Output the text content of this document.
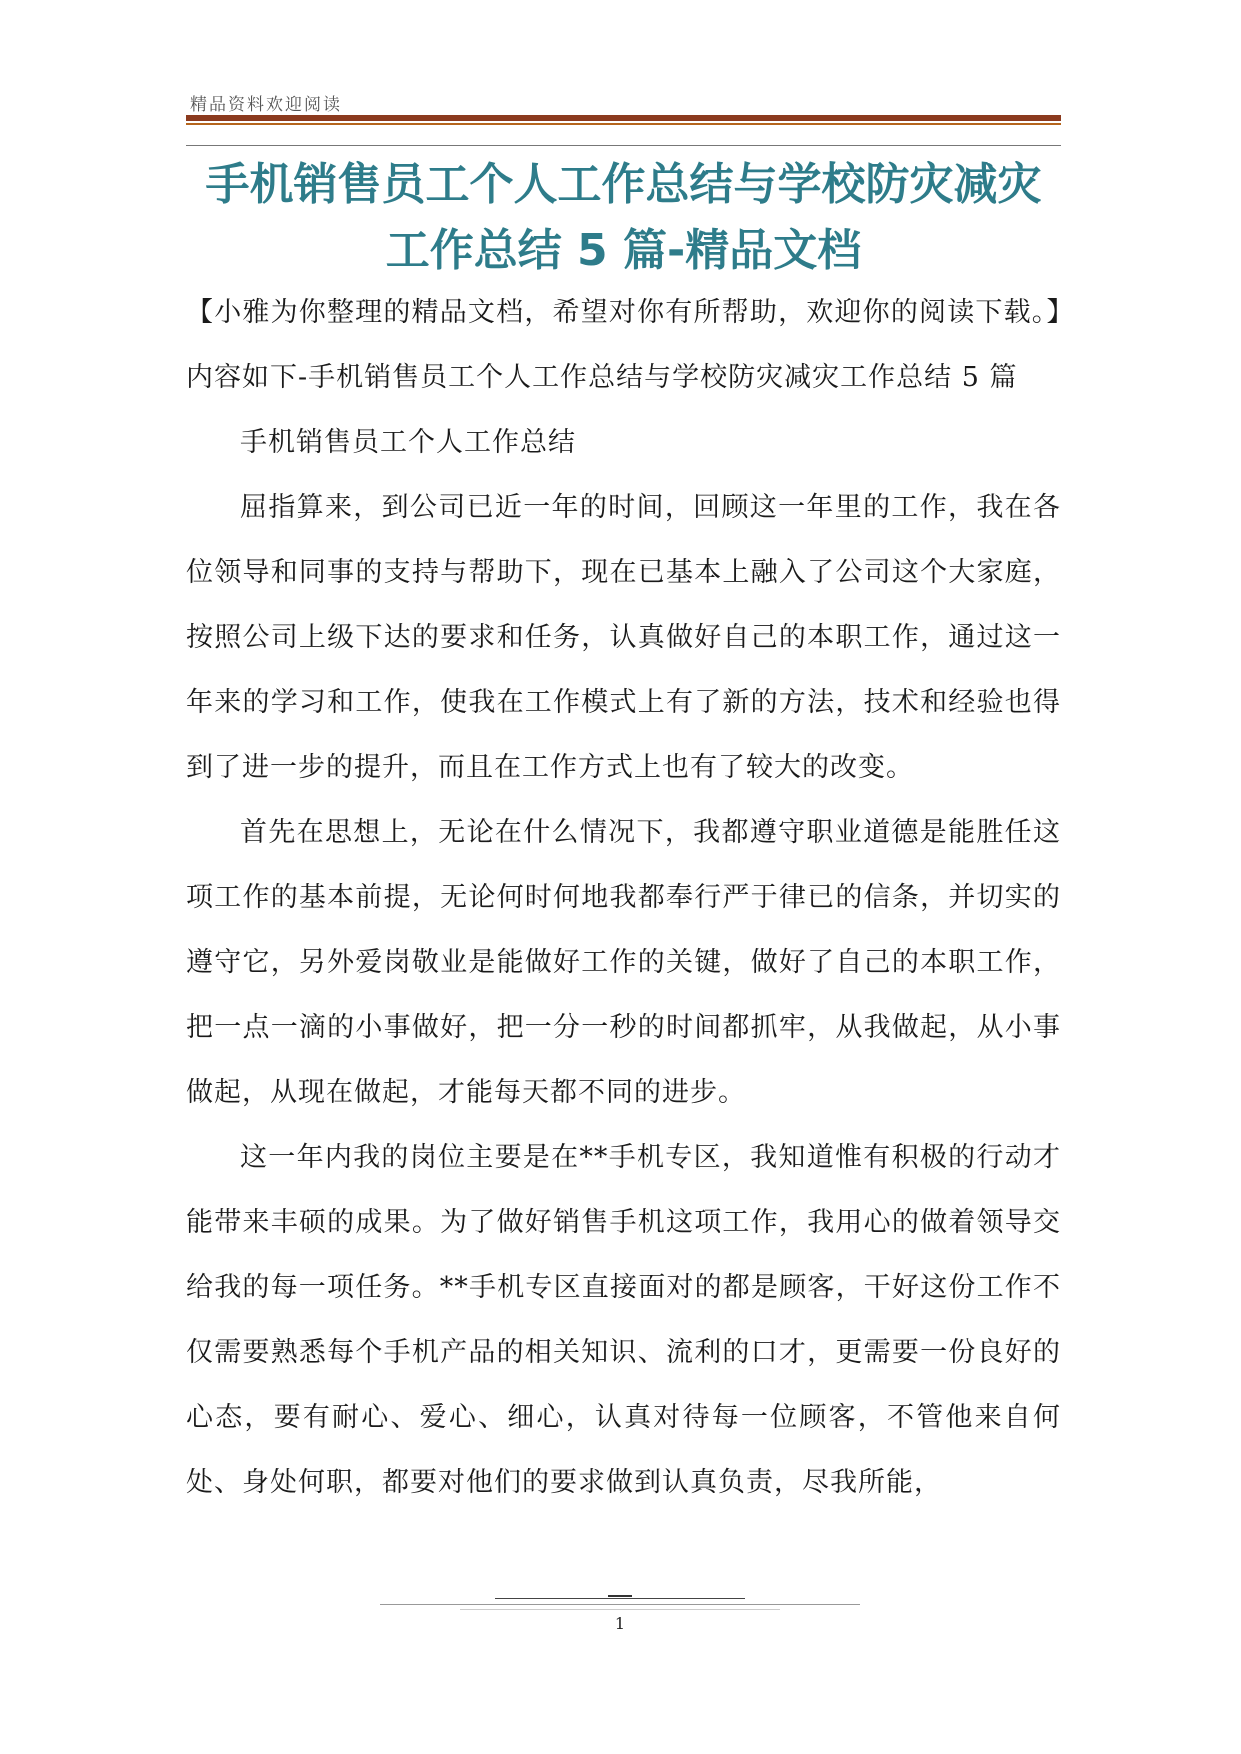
精品资料欢迎阅读
手机销售员工个人工作总结与学校防灾减灾工作总结 5 篇-精品文档

【小雅为你整理的精品文档，希望对你有所帮助，欢迎你的阅读下载。】内容如下-手机销售员工个人工作总结与学校防灾减灾工作总结 5 篇

手机销售员工个人工作总结

屈指算来，到公司已近一年的时间，回顾这一年里的工作，我在各位领导和同事的支持与帮助下，现在已基本上融入了公司这个大家庭，按照公司上级下达的要求和任务，认真做好自己的本职工作，通过这一年来的学习和工作，使我在工作模式上有了新的方法，技术和经验也得到了进一步的提升，而且在工作方式上也有了较大的改变。

首先在思想上，无论在什么情况下，我都遵守职业道德是能胜任这项工作的基本前提，无论何时何地我都奉行严于律已的信条，并切实的遵守它，另外爱岗敬业是能做好工作的关键，做好了自己的本职工作，把一点一滴的小事做好，把一分一秒的时间都抓牢，从我做起，从小事做起，从现在做起，才能每天都不同的进步。

这一年内我的岗位主要是在**手机专区，我知道惟有积极的行动才能带来丰硕的成果。为了做好销售手机这项工作，我用心的做着领导交给我的每一项任务。**手机专区直接面对的都是顾客，干好这份工作不仅需要熟悉每个手机产品的相关知识、流利的口才，更需要一份良好的心态，要有耐心、爱心、细心，认真对待每一位顾客，不管他来自何处、身处何职，都要对他们的要求做到认真负责，尽我所能，

1
